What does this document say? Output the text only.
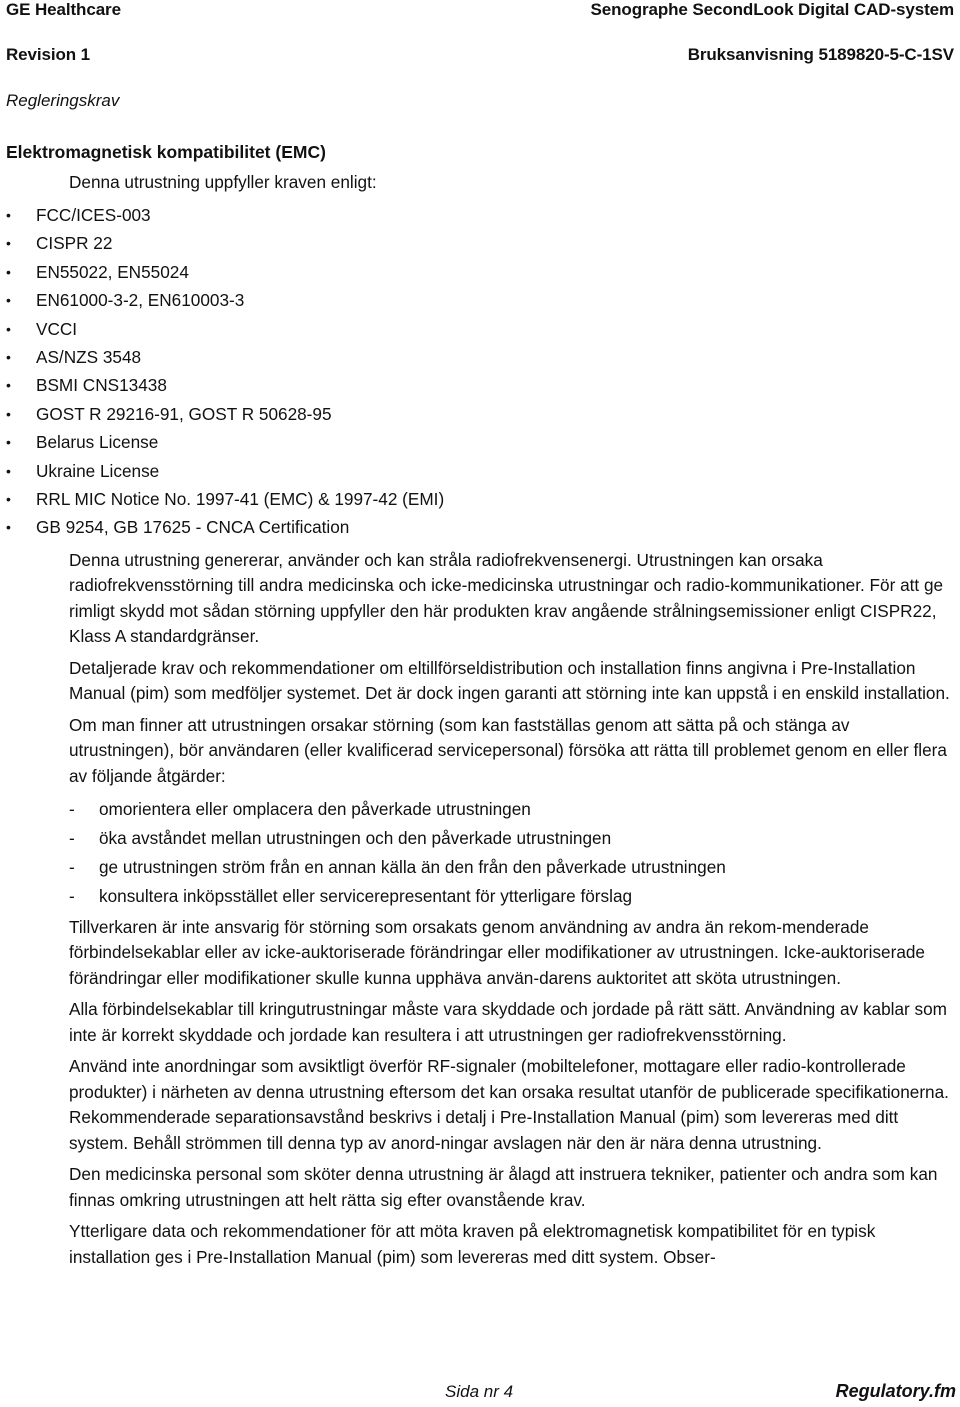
GE Healthcare	Senographe SecondLook Digital CAD-system
Revision 1	Bruksanvisning 5189820-5-C-1SV
Regleringskrav
Elektromagnetisk kompatibilitet (EMC)
Denna utrustning uppfyller kraven enligt:
• FCC/ICES-003
• CISPR 22
• EN55022, EN55024
• EN61000-3-2, EN610003-3
• VCCI
• AS/NZS 3548
• BSMI CNS13438
• GOST R 29216-91, GOST R 50628-95
• Belarus License
• Ukraine License
• RRL MIC Notice No. 1997-41 (EMC) & 1997-42 (EMI)
• GB 9254, GB 17625 - CNCA Certification

Denna utrustning genererar, använder och kan stråla radiofrekvensenergi. Utrustningen kan orsaka radiofrekvensstörning till andra medicinska och icke-medicinska utrustningar och radio-kommunikationer. För att ge rimligt skydd mot sådan störning uppfyller den här produkten krav angående strålningsemissioner enligt CISPR22, Klass A standardgränser.

Detaljerade krav och rekommendationer om eltillförseldistribution och installation finns angivna i Pre-Installation Manual (pim) som medföljer systemet. Det är dock ingen garanti att störning inte kan uppstå i en enskild installation.

Om man finner att utrustningen orsakar störning (som kan fastställas genom att sätta på och stänga av utrustningen), bör användaren (eller kvalificerad servicepersonal) försöka att rätta till problemet genom en eller flera av följande åtgärder:

- omorientera eller omplacera den påverkade utrustningen
- öka avståndet mellan utrustningen och den påverkade utrustningen
- ge utrustningen ström från en annan källa än den från den påverkade utrustningen
- konsultera inköpsstället eller servicerepresentant för ytterligare förslag

Tillverkaren är inte ansvarig för störning som orsakats genom användning av andra än rekom-menderade förbindelsekablar eller av icke-auktoriserade förändringar eller modifikationer av utrustningen. Icke-auktoriserade förändringar eller modifikationer skulle kunna upphäva använ-darens auktoritet att sköta utrustningen.

Alla förbindelsekablar till kringutrustningar måste vara skyddade och jordade på rätt sätt. Användning av kablar som inte är korrekt skyddade och jordade kan resultera i att utrustningen ger radiofrekvensstörning.

Använd inte anordningar som avsiktligt överför RF-signaler (mobiltelefoner, mottagare eller radio-kontrollerade produkter) i närheten av denna utrustning eftersom det kan orsaka resultat utanför de publicerade specifikationerna. Rekommenderade separationsavstånd beskrivs i detalj i Pre-Installation Manual (pim) som levereras med ditt system. Behåll strömmen till denna typ av anord-ningar avslagen när den är nära denna utrustning.

Den medicinska personal som sköter denna utrustning är ålagd att instruera tekniker, patienter och andra som kan finnas omkring utrustningen att helt rätta sig efter ovanstående krav.

Ytterligare data och rekommendationer för att möta kraven på elektromagnetisk kompatibilitet för en typisk installation ges i Pre-Installation Manual (pim) som levereras med ditt system. Obser-

Sida nr 4	Regulatory.fm
